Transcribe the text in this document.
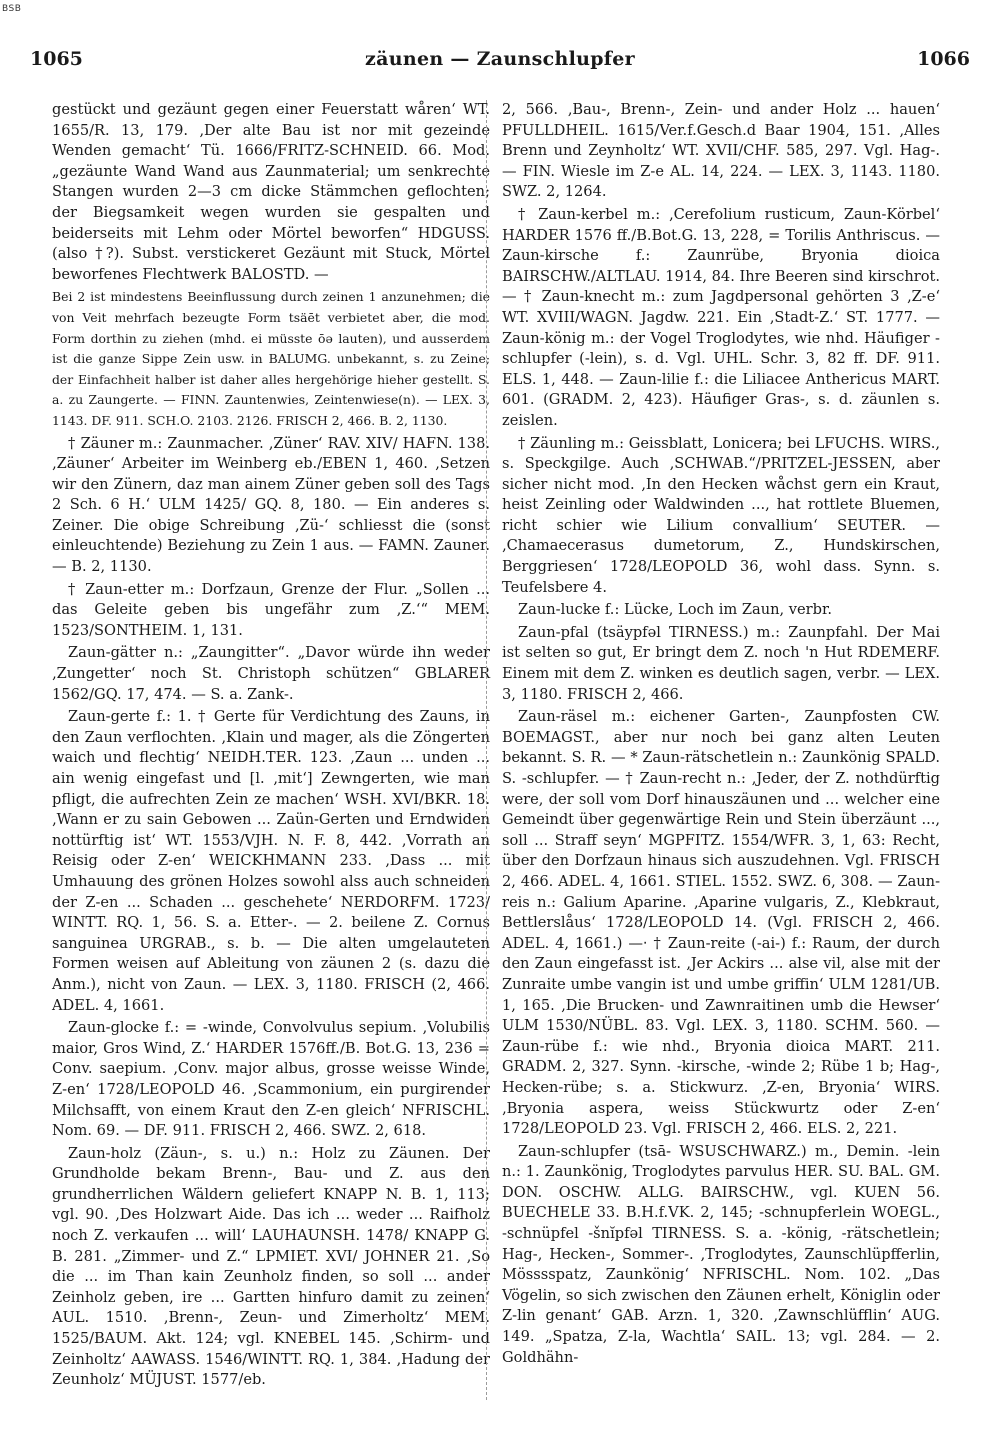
BSB
1065	zäunen — Zaunschlupfer	1066

gestückt und gezäunt gegen einer Feuerstatt wåren‘ WT. 1655/R. 13, 179. ‚Der alte Bau ist nor mit gezeinde Wenden gemacht‘ Tü. 1666/FRITZ-SCHNEID. 66. Mod. „gezäunte Wand Wand aus Zaunmaterial; um senkrechte Stangen wurden 2—3 cm dicke Stämmchen geflochten; der Biegsamkeit wegen wurden sie gespalten und beiderseits mit Lehm oder Mörtel beworfen“ HDGUSS. (also †?). Subst. verstickeret Gezäunt mit Stuck, Mörtel beworfenes Flechtwerk BALOSTD. —

Bei 2 ist mindestens Beeinflussung durch zeinen 1 anzunehmen; die von Veit mehrfach bezeugte Form tsäēt verbietet aber, die mod. Form dorthin zu ziehen (mhd. ei müsste ōə lauten), und ausserdem ist die ganze Sippe Zein usw. in BALUMG. unbekannt, s. zu Zeine; der Einfachheit halber ist daher alles hergehörige hieher gestellt. S. a. zu Zaungerte. — FINN. Zauntenwies, Zeintenwiese(n). — LEX. 3, 1143. DF. 911. SCH.O. 2103. 2126. FRISCH 2, 466. B. 2, 1130.

† Zäuner m.: Zaunmacher. ‚Züner‘ RAV. XIV/ HAFN. 138. ‚Zäuner‘ Arbeiter im Weinberg eb./EBEN 1, 460. ‚Setzen wir den Zünern, daz man ainem Züner geben soll des Tags 2 Sch. 6 H.‘ ULM 1425/ GQ. 8, 180. — Ein anderes s. Zeiner. Die obige Schreibung ‚Zü-‘ schliesst die (sonst einleuchtende) Beziehung zu Zein 1 aus. — FAMN. Zauner. — B. 2, 1130.

† Zaun-etter m.: Dorfzaun, Grenze der Flur. „Sollen ... das Geleite geben bis ungefähr zum ‚Z.‘“ MEM. 1523/SONTHEIM. 1, 131.

Zaun-gätter n.: „Zaungitter“. „Davor würde ihn weder ‚Zungetter‘ noch St. Christoph schützen“ GBLARER 1562/GQ. 17, 474. — S. a. Zank-.

Zaun-gerte f.: 1. † Gerte für Verdichtung des Zauns, in den Zaun verflochten. ‚Klain und mager, als die Zöngerten waich und flechtig‘ NEIDH.TER. 123. ‚Zaun ... unden ... ain wenig eingefast und [l. ‚mit‘] Zewngerten, wie man pfligt, die aufrechten Zein ze machen‘ WSH. XVI/BKR. 18. ‚Wann er zu sain Gebowen ... Zaün-Gerten und Erndwiden nottürftig ist‘ WT. 1553/VJH. N. F. 8, 442. ‚Vorrath an Reisig oder Z-en‘ WEICKHMANN 233. ‚Dass ... mit Umhauung des grönen Holzes sowohl alss auch schneiden der Z-en ... Schaden ... geschehete‘ NERDORFM. 1723/ WINTT. RQ. 1, 56. S. a. Etter-. — 2. beilene Z. Cornus sanguinea URGRAB., s. b. — Die alten umgelauteten Formen weisen auf Ableitung von zäunen 2 (s. dazu die Anm.), nicht von Zaun. — LEX. 3, 1180. FRISCH (2, 466. ADEL. 4, 1661.

Zaun-glocke f.: = -winde, Convolvulus sepium. ‚Volubilis maior, Gros Wind, Z.‘ HARDER 1576ff./B. Bot.G. 13, 236 = Conv. saepium. ‚Conv. major albus, grosse weisse Winde, Z-en‘ 1728/LEOPOLD 46. ‚Scammonium, ein purgirender Milchsafft, von einem Kraut den Z-en gleich‘ NFRISCHL. Nom. 69. — DF. 911. FRISCH 2, 466. SWZ. 2, 618.

Zaun-holz (Zäun-, s. u.) n.: Holz zu Zäunen. Der Grundholde bekam Brenn-, Bau- und Z. aus den grundherrlichen Wäldern geliefert KNAPP N. B. 1, 113; vgl. 90. ‚Des Holzwart Aide. Das ich ... weder ... Raifholz noch Z. verkaufen ... will‘ LAUHAUNSH. 1478/ KNAPP G. B. 281. „Zimmer- und Z.“ LPMIET. XVI/ JOHNER 21. ‚So die ... im Than kain Zeunholz finden, so soll ... ander Zeinholz geben, ire ... Gartten hinfuro damit zu zeinen‘ AUL. 1510. ‚Brenn-, Zeun- und Zimerholtz‘ MEM. 1525/BAUM. Akt. 124; vgl. KNEBEL 145. ‚Schirm- und Zeinholtz‘ AAWASS. 1546/WINTT. RQ. 1, 384. ‚Hadung der Zeunholz‘ MÜJUST. 1577/eb.

2, 566. ‚Bau-, Brenn-, Zein- und ander Holz ... hauen‘ PFULLDHEIL. 1615/Ver.f.Gesch.d Baar 1904, 151. ‚Alles Brenn und Zeynholtz‘ WT. XVII/CHF. 585, 297. Vgl. Hag-. — FIN. Wiesle im Z-e AL. 14, 224. — LEX. 3, 1143. 1180. SWZ. 2, 1264.

† Zaun-kerbel m.: ‚Cerefolium rusticum, Zaun-Körbel‘ HARDER 1576 ff./B.Bot.G. 13, 228, = Torilis Anthriscus. — Zaun-kirsche f.: Zaunrübe, Bryonia dioica BAIRSCHW./ALTLAU. 1914, 84. Ihre Beeren sind kirschrot. — † Zaun-knecht m.: zum Jagdpersonal gehörten 3 ‚Z-e‘ WT. XVIII/WAGN. Jagdw. 221. Ein ‚Stadt-Z.‘ ST. 1777. — Zaun-könig m.: der Vogel Troglodytes, wie nhd. Häufiger -schlupfer (-lein), s. d. Vgl. UHL. Schr. 3, 82 ff. DF. 911. ELS. 1, 448. — Zaun-lilie f.: die Liliacee Anthericus MART. 601. (GRADM. 2, 423). Häufiger Gras-, s. d. zäunlen s. zeislen.

† Zäunling m.: Geissblatt, Lonicera; bei LFUCHS. WIRS., s. Speckgilge. Auch ‚SCHWAB.“/PRITZEL-JESSEN, aber sicher nicht mod. ‚In den Hecken wåchst gern ein Kraut, heist Zeinling oder Waldwinden ..., hat rottlete Bluemen, richt schier wie Lilium convallium‘ SEUTER. — ‚Chamaecerasus dumetorum, Z., Hundskirschen, Berggriesen‘ 1728/LEOPOLD 36, wohl dass. Synn. s. Teufelsbere 4.

Zaun-lucke f.: Lücke, Loch im Zaun, verbr.

Zaun-pfal (tsäypfəl TIRNESS.) m.: Zaunpfahl. Der Mai ist selten so gut, Er bringt dem Z. noch 'n Hut RDEMERF. Einem mit dem Z. winken es deutlich sagen, verbr. — LEX. 3, 1180. FRISCH 2, 466.

Zaun-räsel m.: eichener Garten-, Zaunpfosten CW. BOEMAGST., aber nur noch bei ganz alten Leuten bekannt. S. R. — * Zaun-rätschetlein n.: Zaunkönig SPALD. S. -schlupfer. — † Zaun-recht n.: ‚Jeder, der Z. nothdürftig were, der soll vom Dorf hinauszäunen und ... welcher eine Gemeindt über gegenwärtige Rein und Stein überzäunt ..., soll ... Straff seyn‘ MGPFITZ. 1554/WFR. 3, 1, 63: Recht, über den Dorfzaun hinaus sich auszudehnen. Vgl. FRISCH 2, 466. ADEL. 4, 1661. STIEL. 1552. SWZ. 6, 308. — Zaun-reis n.: Galium Aparine. ‚Aparine vulgaris, Z., Klebkraut, Bettlerslåus‘ 1728/LEOPOLD 14. (Vgl. FRISCH 2, 466. ADEL. 4, 1661.) —‧ † Zaun-reite (-ai-) f.: Raum, der durch den Zaun eingefasst ist. ‚Jer Ackirs ... alse vil, alse mit der Zunraite umbe vangin ist und umbe griffin‘ ULM 1281/UB. 1, 165. ‚Die Brucken- und Zawnraitinen umb die Hewser‘ ULM 1530/NÜBL. 83. Vgl. LEX. 3, 1180. SCHM. 560. — Zaun-rübe f.: wie nhd., Bryonia dioica MART. 211. GRADM. 2, 327. Synn. -kirsche, -winde 2; Rübe 1 b; Hag-, Hecken-rübe; s. a. Stickwurz. ‚Z-en, Bryonia‘ WIRS. ‚Bryonia aspera, weiss Stückwurtz oder Z-en‘ 1728/LEOPOLD 23. Vgl. FRISCH 2, 466. ELS. 2, 221.

Zaun-schlupfer (tsā- WSUSCHWARZ.) m., Demin. -lein n.: 1. Zaunkönig, Troglodytes parvulus HER. SU. BAL. GM. DON. OSCHW. ALLG. BAIRSCHW., vgl. KUEN 56. BUECHELE 33. B.H.f.VK. 2, 145; -schnupferlein WOEGL., -schnüpfel -šnĭpfəl TIRNESS. S. a. -könig, -rätschetlein; Hag-, Hecken-, Sommer-. ‚Troglodytes, Zaunschlüpfferlin, Mösssspatz, Zaunkönig‘ NFRISCHL. Nom. 102. „Das Vögelin, so sich zwischen den Zäunen erhelt, Königlin oder Z-lin genant‘ GAB. Arzn. 1, 320. ‚Zawnschlüfflin‘ AUG. 149. „Spatza, Z-la, Wachtla‘ SAIL. 13; vgl. 284. — 2. Goldhähn-
